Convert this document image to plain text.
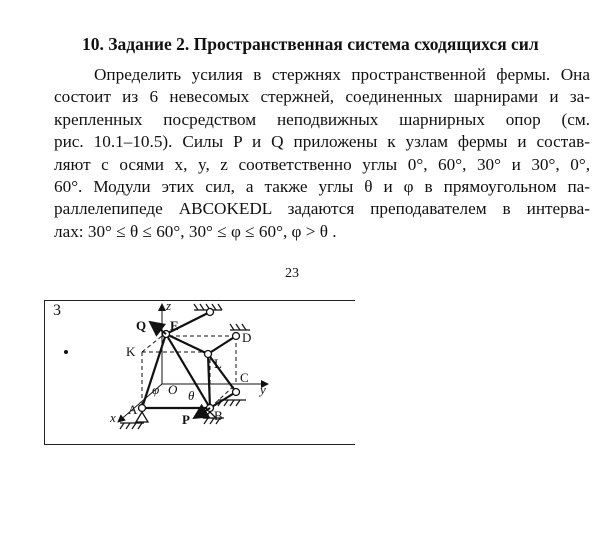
10. Задание 2. Пространственная система сходящихся сил
Определить усилия в стержнях пространственной фермы. Она
состоит из 6 невесомых стержней, соединенных шарнирами и за-
крепленных посредством неподвижных шарнирных опор (см.
рис. 10.1–10.5). Силы P и Q приложены к узлам фермы и состав-
ляют с осями x, y, z соответственно углы 0°, 60°, 30° и 30°, 0°,
60°. Модули этих сил, а также углы θ и φ в прямоугольном па-
раллелепипеде ABCOKEDL задаются преподавателем в интерва-
лах: 30° ≤ θ ≤ 60°, 30° ≤ φ ≤ 60°, φ > θ .
23
3	z
y
x
Q E
D
K
L
C
O
A	B
P
φ θ
